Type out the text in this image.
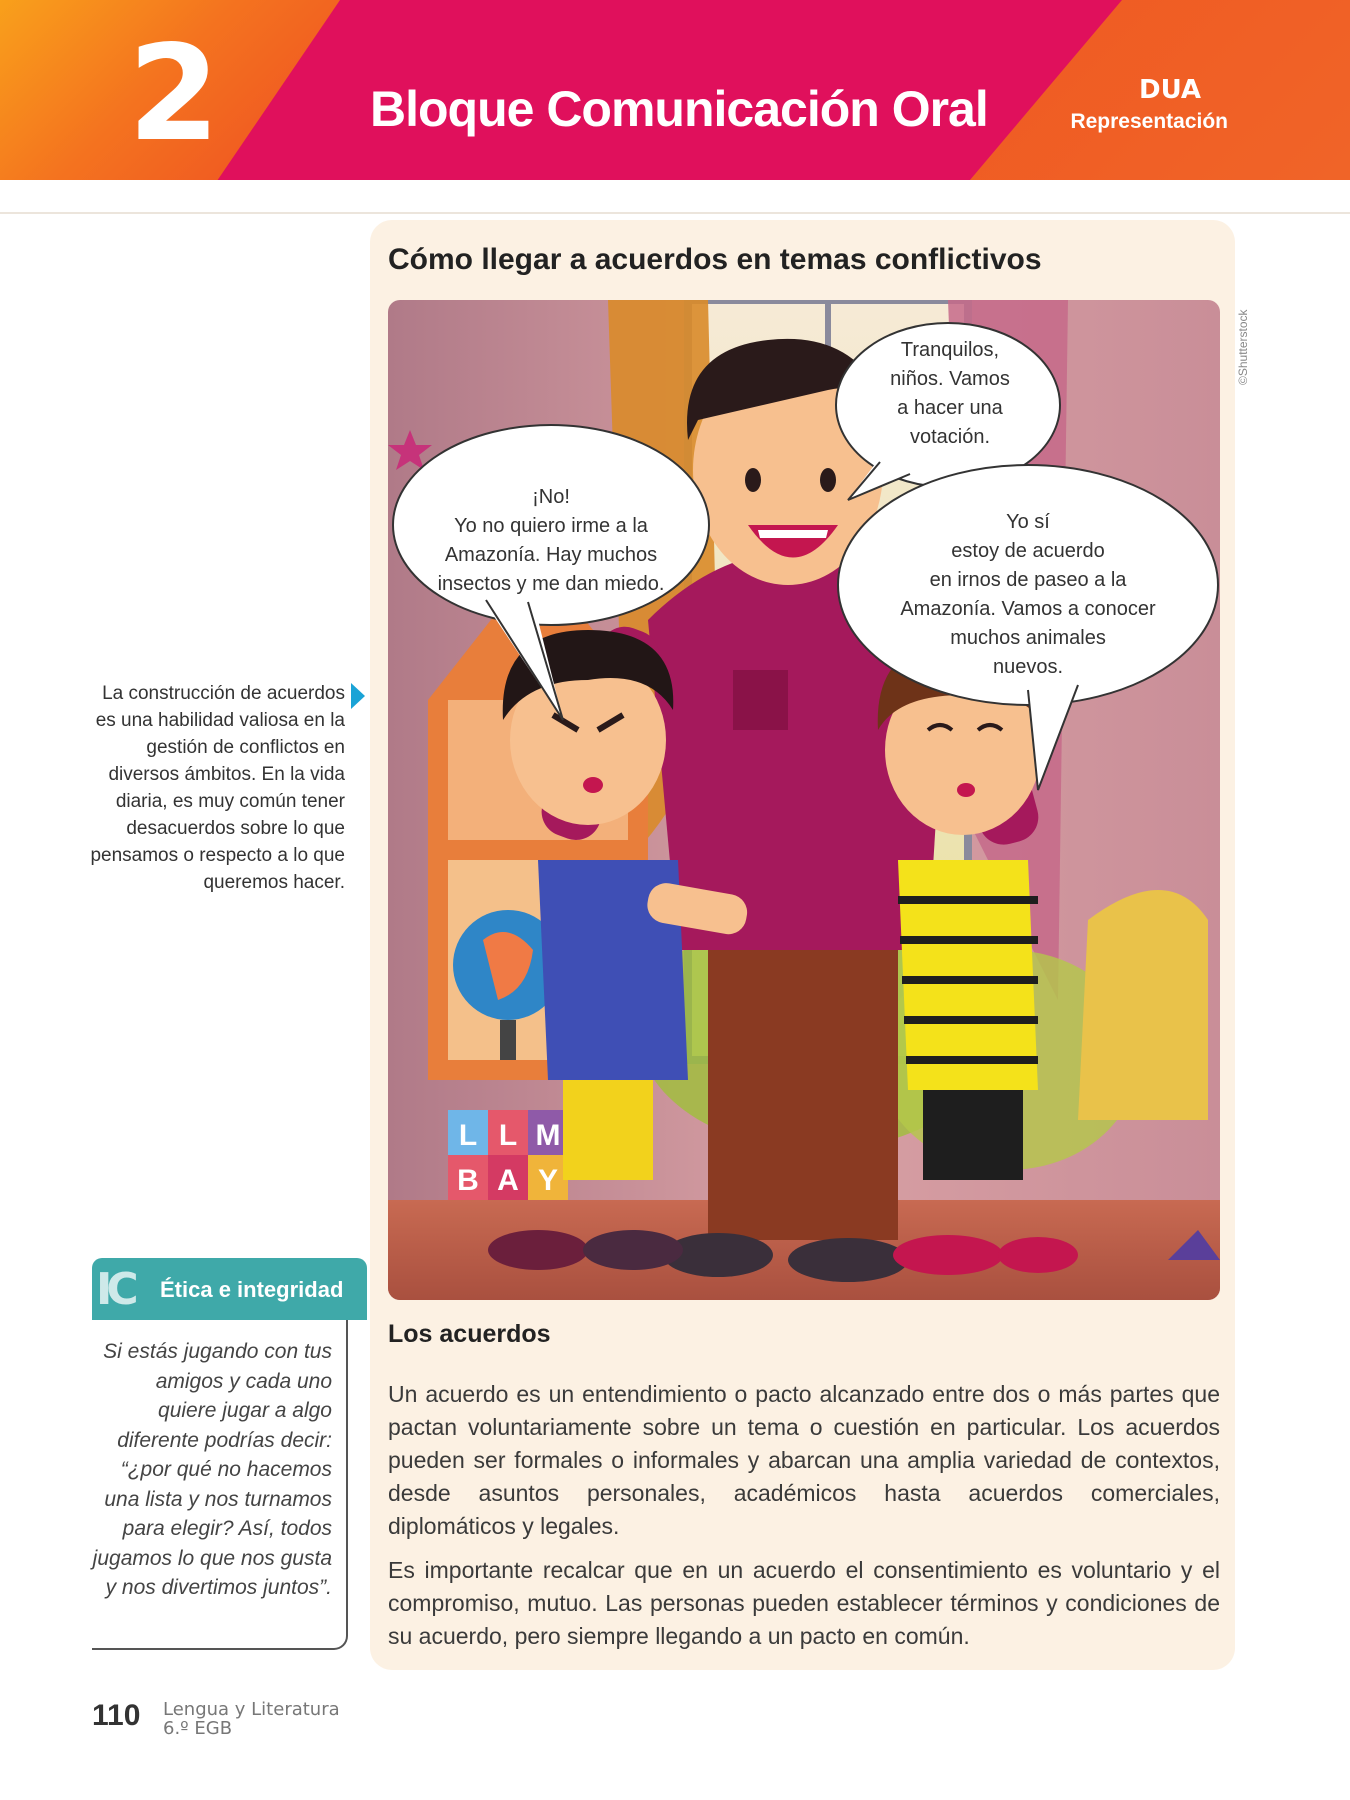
2	Bloque Comunicación Oral	DUA
Representación
Cómo llegar a acuerdos en temas conflictivos
©Shutterstock
L L M
B A Y
Tranquilos,
niños. Vamos
a hacer una
votación.
¡No!
Yo no quiero irme a la
Amazonía. Hay muchos
insectos y me dan miedo.
Yo sí
estoy de acuerdo
en irnos de paseo a la
Amazonía. Vamos a conocer
muchos animales
nuevos.
La construcción de acuerdos es una habilidad valiosa en la gestión de conflictos en diversos ámbitos. En la vida diaria, es muy común tener desacuerdos sobre lo que pensamos o respecto a lo que queremos hacer.
IC Ética e integridad
Si estás jugando con tus amigos y cada uno quiere jugar a algo diferente podrías decir: “¿por qué no hacemos una lista y nos turnamos para elegir? Así, todos jugamos lo que nos gusta y nos divertimos juntos”.
Los acuerdos
Un acuerdo es un entendimiento o pacto alcanzado entre dos o más partes que pactan voluntariamente sobre un tema o cuestión en particular. Los acuerdos pueden ser formales o informales y abarcan una amplia variedad de contextos, desde asuntos personales, académicos hasta acuerdos comerciales, diplomáticos y legales.
Es importante recalcar que en un acuerdo el consentimiento es voluntario y el compromiso, mutuo. Las personas pueden establecer términos y condiciones de su acuerdo, pero siempre llegando a un pacto en común.
110 Lengua y Literatura
6.º EGB
